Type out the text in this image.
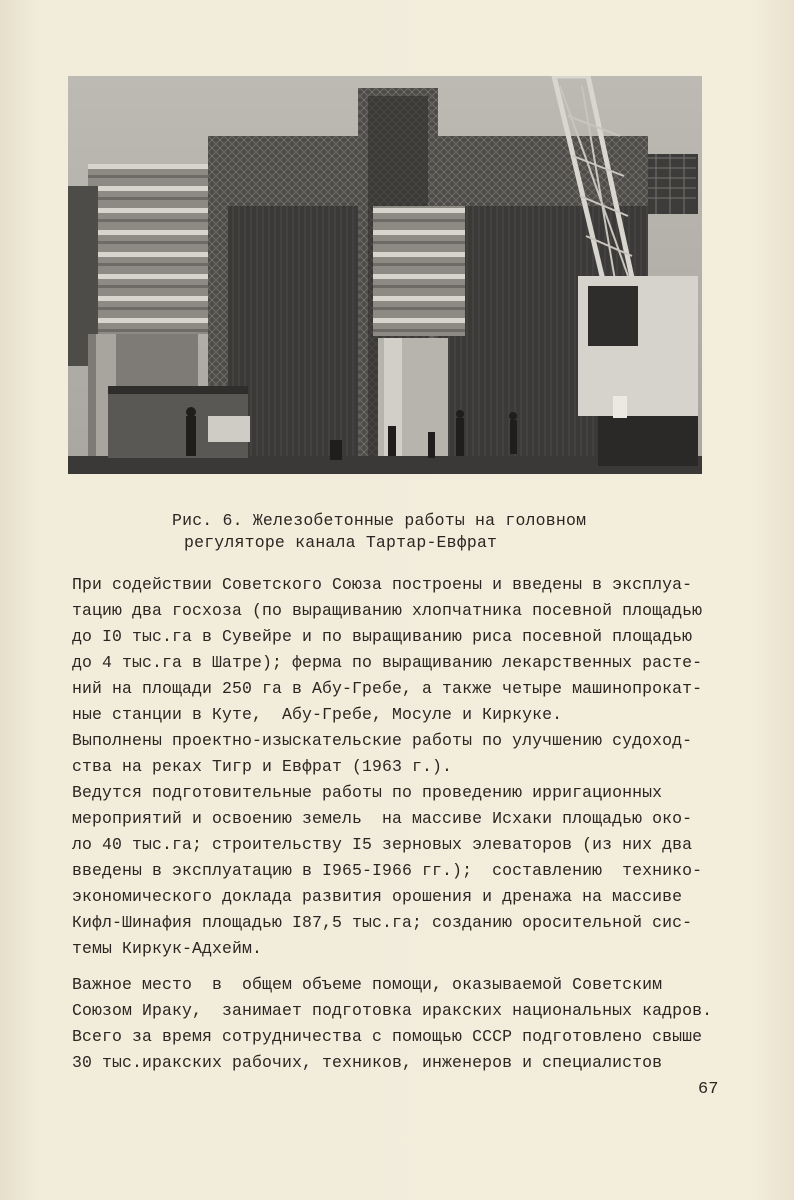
Рис. 6. Железобетонные работы на головном
регуляторе канала Тартар-Евфрат
При содействии Советского Союза построены и введены в эксплуа-
тацию два госхоза (по выращиванию хлопчатника посевной площадью
до I0 тыс.га в Сувейре и по выращиванию риса посевной площадью
до 4 тыс.га в Шатре); ферма по выращиванию лекарственных расте-
ний на площади 250 га в Абу-Гребе, а также четыре машинопрокат-
ные станции в Куте,  Абу-Гребе, Мосуле и Киркуке.
Выполнены проектно-изыскательские работы по улучшению судоход-
ства на реках Тигр и Евфрат (1963 г.).
Ведутся подготовительные работы по проведению ирригационных
мероприятий и освоению земель  на массиве Исхаки площадью око-
ло 40 тыс.га; строительству I5 зерновых элеваторов (из них два
введены в эксплуатацию в I965-I966 гг.);  составлению  технико-
экономического доклада развития орошения и дренажа на массиве
Кифл-Шинафия площадью I87,5 тыс.га; созданию оросительной сис-
темы Киркук-Адхейм.
Важное место  в  общем объеме помощи, оказываемой Советским
Союзом Ираку,  занимает подготовка иракских национальных кадров.
Всего за время сотрудничества с помощью СССР подготовлено свыше
30 тыс.иракских рабочих, техников, инженеров и специалистов
67
